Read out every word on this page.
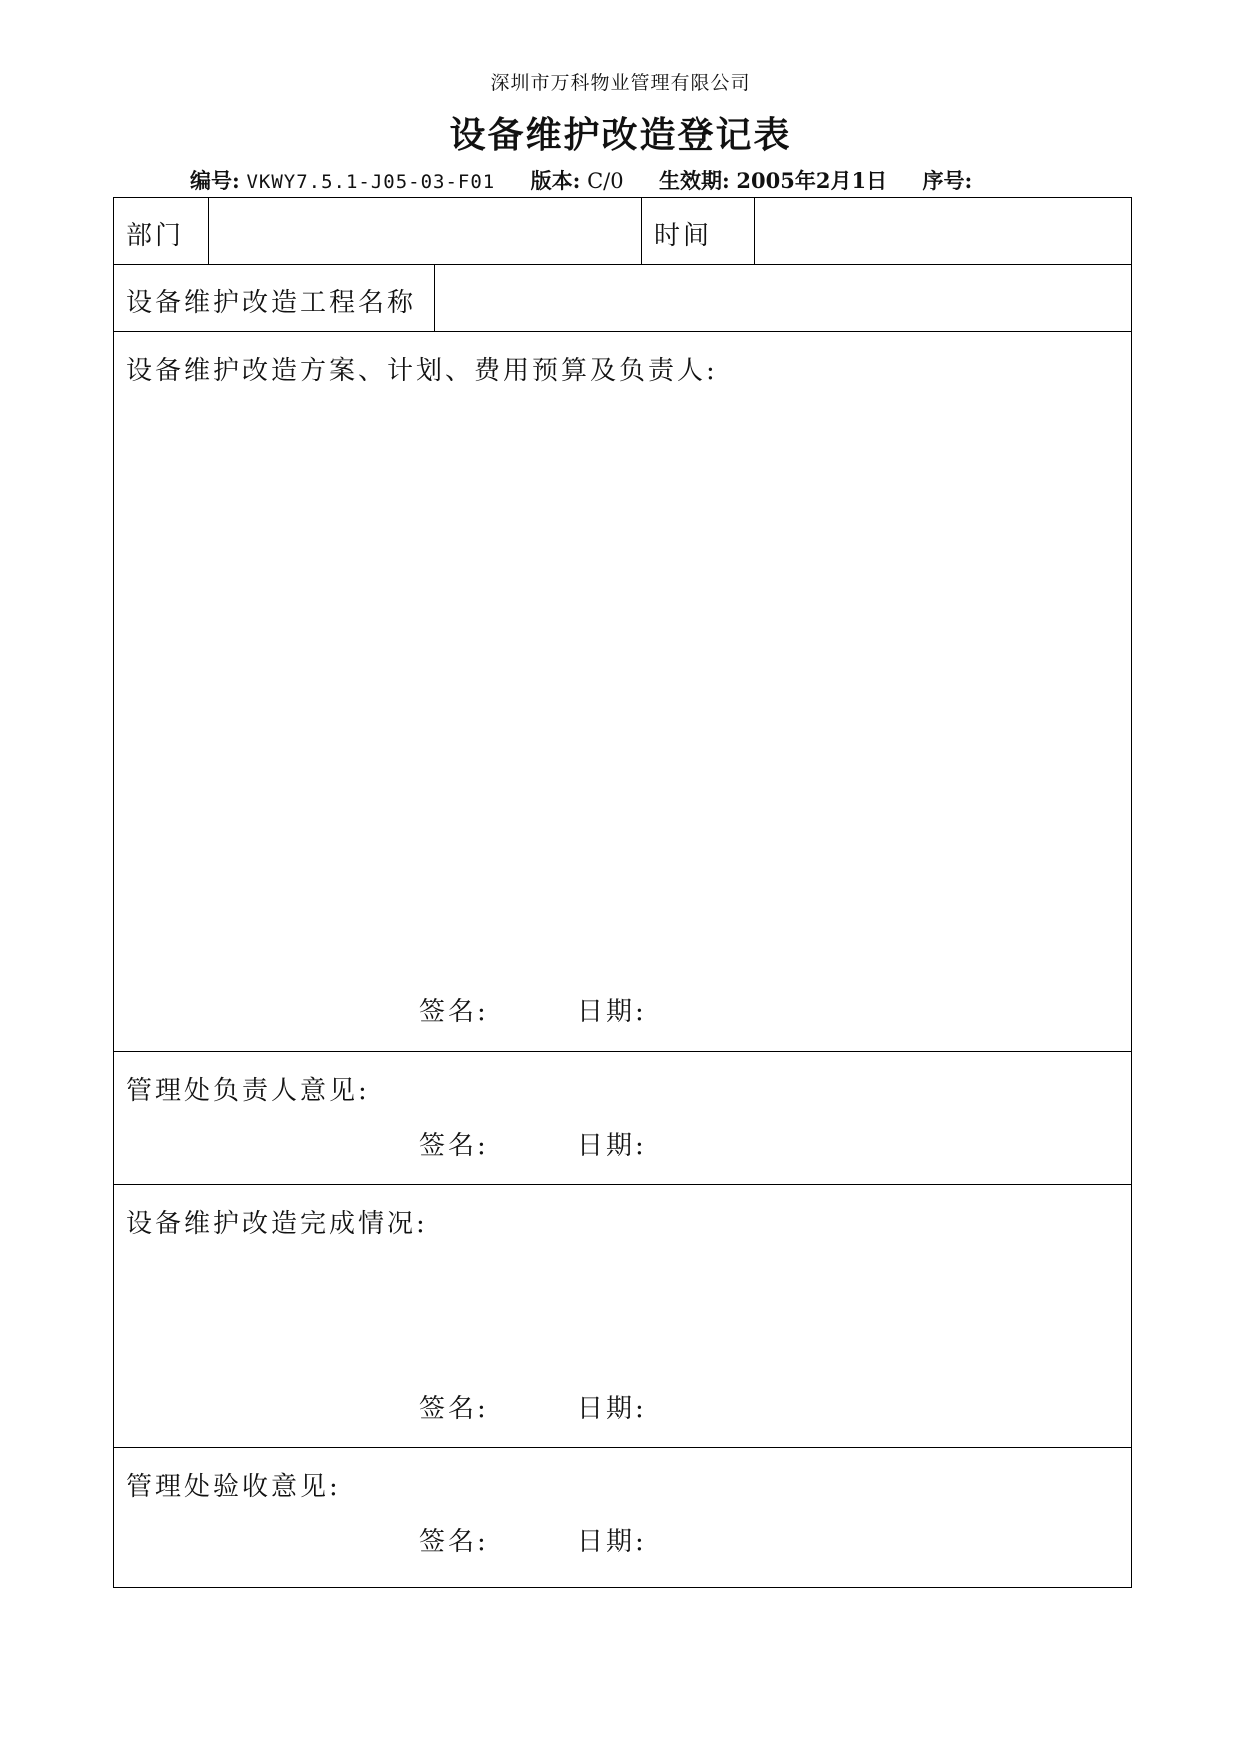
深圳市万科物业管理有限公司
设备维护改造登记表
编号: VKWY7.5.1-J05-03-F01 版本: C/0 生效期: 2005年2月1日 序号:
部门	时间
设备维护改造工程名称
设备维护改造方案、计划、费用预算及负责人:
签名:	日期:
管理处负责人意见:
签名:	日期:
设备维护改造完成情况:
签名:	日期:
管理处验收意见:
签名:	日期:
